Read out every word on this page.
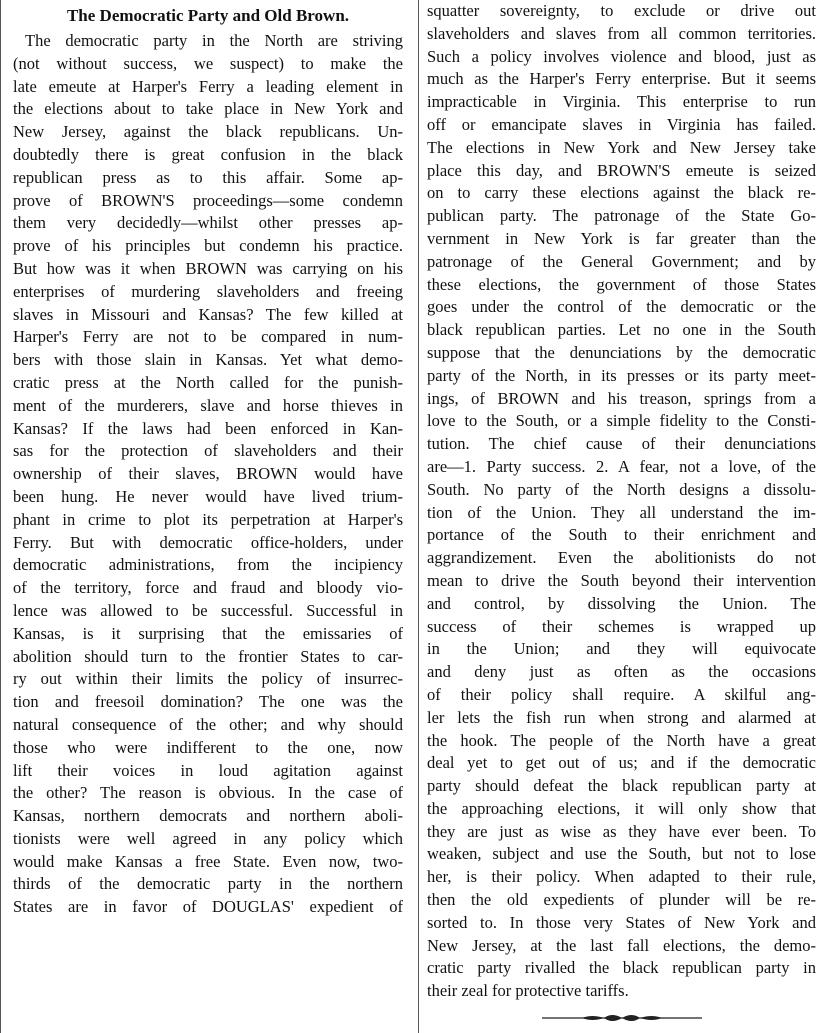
The Democratic Party and Old Brown.
The democratic party in the North are striving
(not without success, we suspect) to make the
late emeute at Harper's Ferry a leading element in
the elections about to take place in New York and
New Jersey, against the black republicans. Un-
doubtedly there is great confusion in the black
republican press as to this affair. Some ap-
prove of BROWN'S proceedings—some condemn
them very decidedly—whilst other presses ap-
prove of his principles but condemn his practice.
But how was it when BROWN was carrying on his
enterprises of murdering slaveholders and freeing
slaves in Missouri and Kansas? The few killed at
Harper's Ferry are not to be compared in num-
bers with those slain in Kansas. Yet what demo-
cratic press at the North called for the punish-
ment of the murderers, slave and horse thieves in
Kansas? If the laws had been enforced in Kan-
sas for the protection of slaveholders and their
ownership of their slaves, BROWN would have
been hung. He never would have lived trium-
phant in crime to plot its perpetration at Harper's
Ferry. But with democratic office-holders, under
democratic administrations, from the incipiency
of the territory, force and fraud and bloody vio-
lence was allowed to be successful. Successful in
Kansas, is it surprising that the emissaries of
abolition should turn to the frontier States to car-
ry out within their limits the policy of insurrec-
tion and freesoil domination? The one was the
natural consequence of the other; and why should
those who were indifferent to the one, now
lift their voices in loud agitation against
the other? The reason is obvious. In the case of
Kansas, northern democrats and northern aboli-
tionists were well agreed in any policy which
would make Kansas a free State. Even now, two-
thirds of the democratic party in the northern
States are in favor of DOUGLAS' expedient of
squatter sovereignty, to exclude or drive out
slaveholders and slaves from all common territories.
Such a policy involves violence and blood, just as
much as the Harper's Ferry enterprise. But it seems
impracticable in Virginia. This enterprise to run
off or emancipate slaves in Virginia has failed.
The elections in New York and New Jersey take
place this day, and BROWN'S emeute is seized
on to carry these elections against the black re-
publican party. The patronage of the State Go-
vernment in New York is far greater than the
patronage of the General Government; and by
these elections, the government of those States
goes under the control of the democratic or the
black republican parties. Let no one in the South
suppose that the denunciations by the democratic
party of the North, in its presses or its party meet-
ings, of BROWN and his treason, springs from a
love to the South, or a simple fidelity to the Consti-
tution. The chief cause of their denunciations
are—1. Party success. 2. A fear, not a love, of the
South. No party of the North designs a dissolu-
tion of the Union. They all understand the im-
portance of the South to their enrichment and
aggrandizement. Even the abolitionists do not
mean to drive the South beyond their intervention
and control, by dissolving the Union. The
success of their schemes is wrapped up
in the Union; and they will equivocate
and deny just as often as the occasions
of their policy shall require. A skilful ang-
ler lets the fish run when strong and alarmed at
the hook. The people of the North have a great
deal yet to get out of us; and if the democratic
party should defeat the black republican party at
the approaching elections, it will only show that
they are just as wise as they have ever been. To
weaken, subject and use the South, but not to lose
her, is their policy. When adapted to their rule,
then the old expedients of plunder will be re-
sorted to. In those very States of New York and
New Jersey, at the last fall elections, the demo-
cratic party rivalled the black republican party in
their zeal for protective tariffs.
